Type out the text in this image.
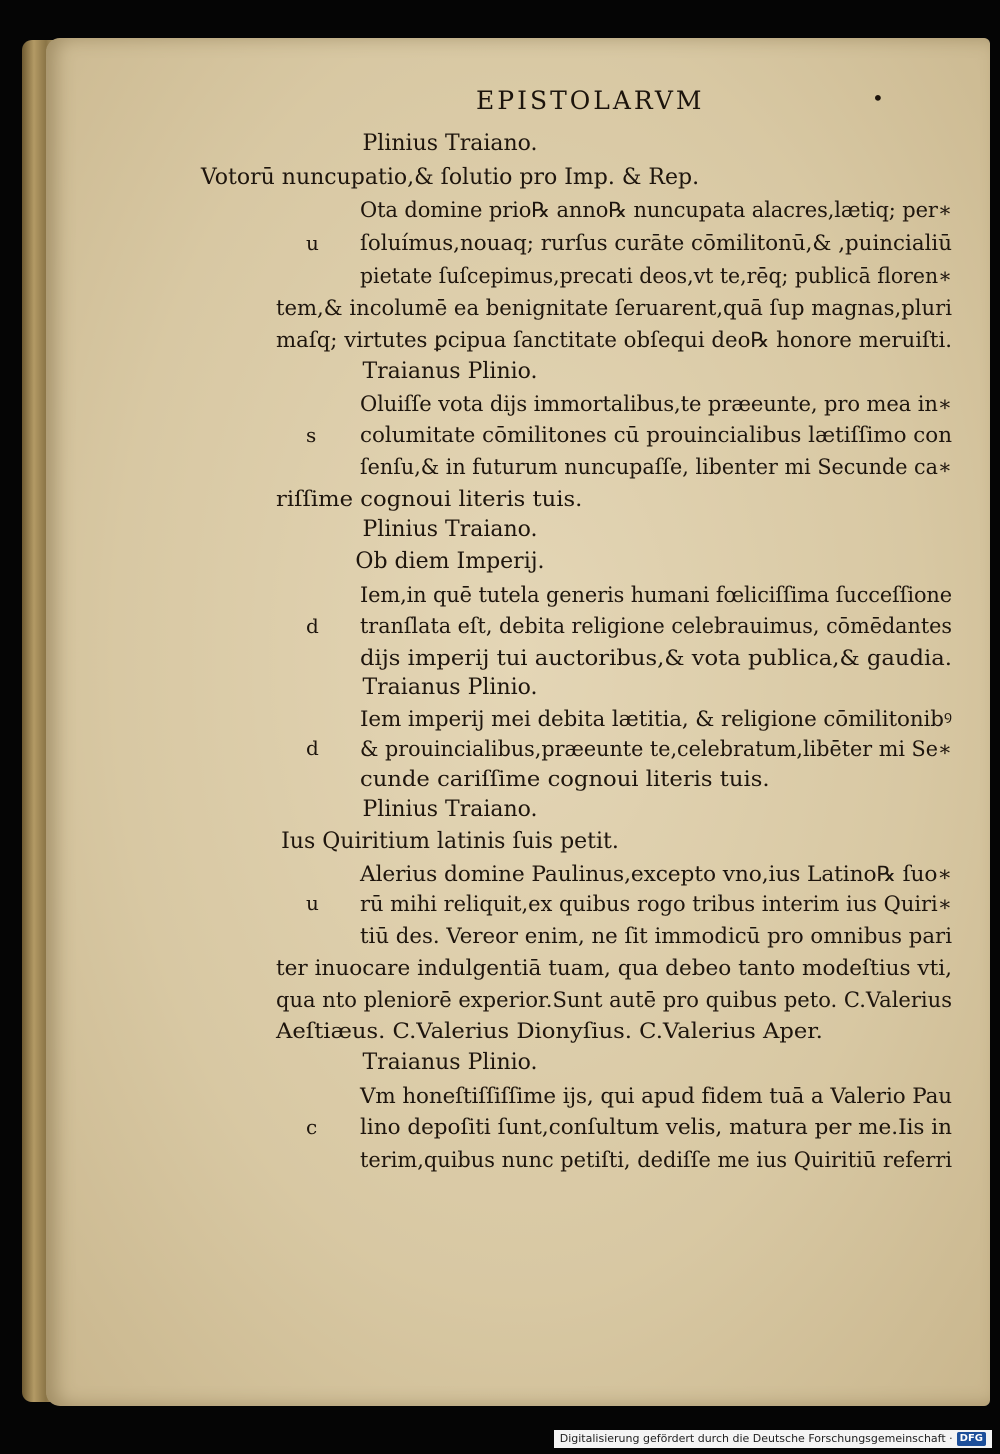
EPISTOLARVM	•
Plinius Traiano.
Votorū nuncupatio,& ſolutio pro Imp. & Rep.
u
Ota domine prio℞ anno℞ nuncupata alacres,lætiq; per∗
ſoluímus,nouaq; rurſus curāte cōmilitonū,& ,puincialiū
pietate ſuſcepimus,precati deos,vt te,rēq; publicā floren∗
tem,& incolumē ea benignitate ſeruarent,quā ſup magnas,pluri
maſq; virtutes ꝑcipua ſanctitate obſequi deo℞ honore meruiſti.
Traianus Plinio.
s
Oluiſſe vota dijs immortalibus,te præeunte, pro mea in∗
columitate cōmilitones cū prouincialibus lætiſſimo con
ſenſu,& in futurum nuncupaſſe, libenter mi Secunde ca∗
riſſime cognoui literis tuis.
Plinius Traiano.
Ob diem Imperij.
d
Iem,in quē tutela generis humani fœliciſſima ſucceſſione
tranſlata eſt, debita religione celebrauimus, cōmēdantes
dijs imperij tui auctoribus,& vota publica,& gaudia.
Traianus Plinio.
d
Iem imperij mei debita lætitia, & religione cōmilitonibꝰ
& prouincialibus,præeunte te,celebratum,libēter mi Se∗
cunde cariſſime cognoui literis tuis.
Plinius Traiano.
Ius Quiritium latinis ſuis petit.
u
Alerius domine Paulinus,excepto vno,ius Latino℞ ſuo∗
rū mihi reliquit,ex quibus rogo tribus interim ius Quiri∗
tiū des. Vereor enim, ne ſit immodicū pro omnibus pari
ter inuocare indulgentiā tuam, qua debeo tanto modeſtius vti,
qua nto pleniorē experior.Sunt autē pro quibus peto. C.Valerius
Aeſtiæus. C.Valerius Dionyſius. C.Valerius Aper.
Traianus Plinio.
c
Vm honeſtiſſiſſime ijs, qui apud fidem tuā a Valerio Pau
lino depoſiti ſunt,conſultum velis, matura per me.Iis in
terim,quibus nunc petiſti, dediſſe me ius Quiritiū referri
Digitalisierung gefördert durch die Deutsche Forschungsgemeinschaft · DFG
